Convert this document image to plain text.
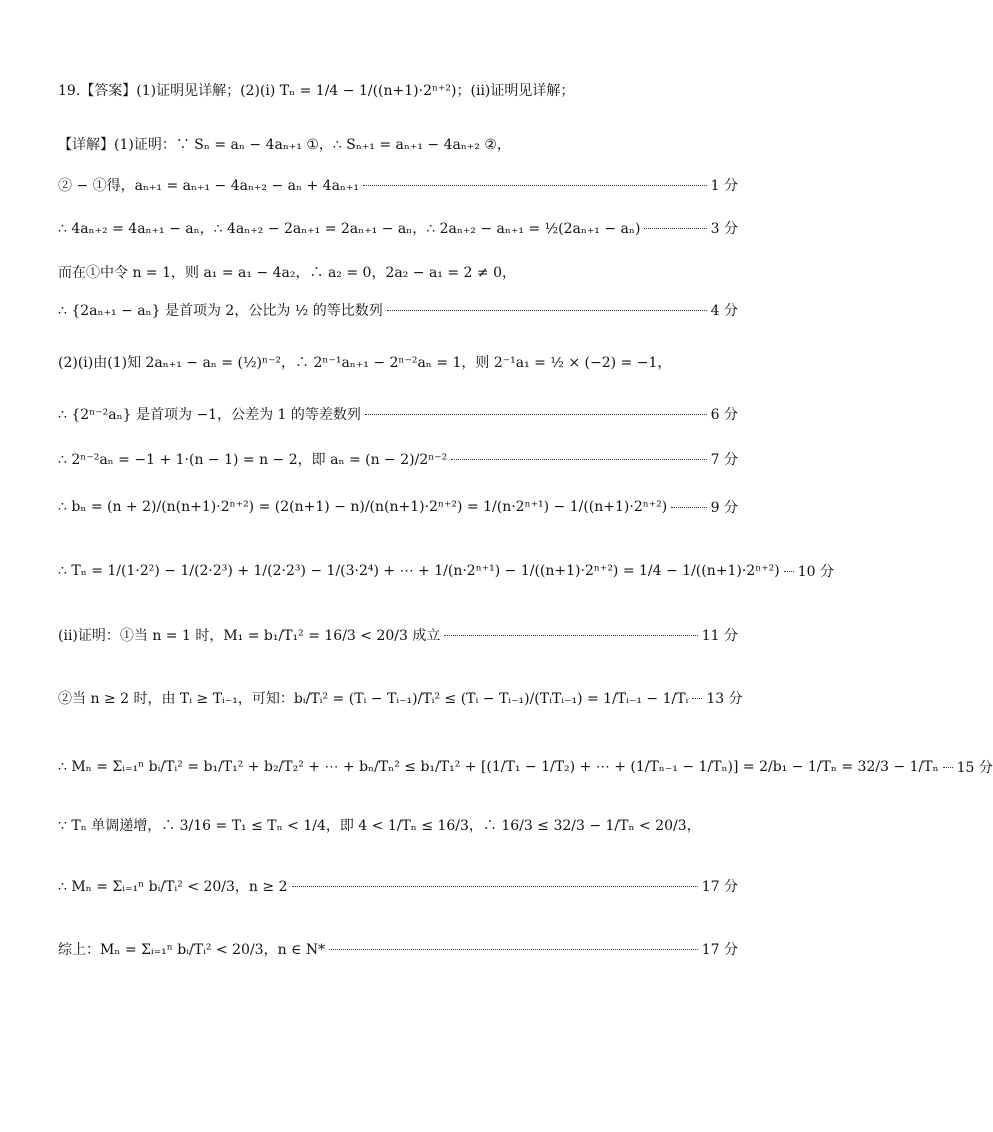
19.【答案】(1)证明见详解；(2)(i) Tₙ = 1/4 − 1/((n+1)·2ⁿ⁺²)；(ii)证明见详解；
【详解】(1)证明：∵ Sₙ = aₙ − 4aₙ₊₁ ①，∴ Sₙ₊₁ = aₙ₊₁ − 4aₙ₊₂ ②，
② − ①得，aₙ₊₁ = aₙ₊₁ − 4aₙ₊₂ − aₙ + 4aₙ₊₁	1 分
∴ 4aₙ₊₂ = 4aₙ₊₁ − aₙ，∴ 4aₙ₊₂ − 2aₙ₊₁ = 2aₙ₊₁ − aₙ，∴ 2aₙ₊₂ − aₙ₊₁ = ½(2aₙ₊₁ − aₙ)	3 分
而在①中令 n = 1，则 a₁ = a₁ − 4a₂，∴ a₂ = 0，2a₂ − a₁ = 2 ≠ 0，
∴ {2aₙ₊₁ − aₙ} 是首项为 2，公比为 ½ 的等比数列	4 分
(2)(i)由(1)知 2aₙ₊₁ − aₙ = (½)ⁿ⁻²，∴ 2ⁿ⁻¹aₙ₊₁ − 2ⁿ⁻²aₙ = 1，则 2⁻¹a₁ = ½ × (−2) = −1，
∴ {2ⁿ⁻²aₙ} 是首项为 −1，公差为 1 的等差数列	6 分
∴ 2ⁿ⁻²aₙ = −1 + 1·(n − 1) = n − 2，即 aₙ = (n − 2)/2ⁿ⁻²	7 分
∴ bₙ = (n + 2)/(n(n+1)·2ⁿ⁺²) = (2(n+1) − n)/(n(n+1)·2ⁿ⁺²) = 1/(n·2ⁿ⁺¹) − 1/((n+1)·2ⁿ⁺²)	9 分
∴ Tₙ = 1/(1·2²) − 1/(2·2³) + 1/(2·2³) − 1/(3·2⁴) + ⋯ + 1/(n·2ⁿ⁺¹) − 1/((n+1)·2ⁿ⁺²) = 1/4 − 1/((n+1)·2ⁿ⁺²) 10 分
(ii)证明：①当 n = 1 时，M₁ = b₁/T₁² = 16/3 < 20/3 成立	11 分
②当 n ≥ 2 时，由 Tᵢ ≥ Tᵢ₋₁，可知：bᵢ/Tᵢ² = (Tᵢ − Tᵢ₋₁)/Tᵢ² ≤ (Tᵢ − Tᵢ₋₁)/(TᵢTᵢ₋₁) = 1/Tᵢ₋₁ − 1/Tᵢ 13 分
∴ Mₙ = Σᵢ₌₁ⁿ bᵢ/Tᵢ² = b₁/T₁² + b₂/T₂² + ⋯ + bₙ/Tₙ² ≤ b₁/T₁² + [(1/T₁ − 1/T₂) + ⋯ + (1/Tₙ₋₁ − 1/Tₙ)] = 2/b₁ − 1/Tₙ = 32/3 − 1/Tₙ 15 分
∵ Tₙ 单调递增，∴ 3/16 = T₁ ≤ Tₙ < 1/4，即 4 < 1/Tₙ ≤ 16/3，∴ 16/3 ≤ 32/3 − 1/Tₙ < 20/3，
∴ Mₙ = Σᵢ₌₁ⁿ bᵢ/Tᵢ² < 20/3，n ≥ 2	17 分
综上：Mₙ = Σᵢ₌₁ⁿ bᵢ/Tᵢ² < 20/3，n ∈ N*	17 分
